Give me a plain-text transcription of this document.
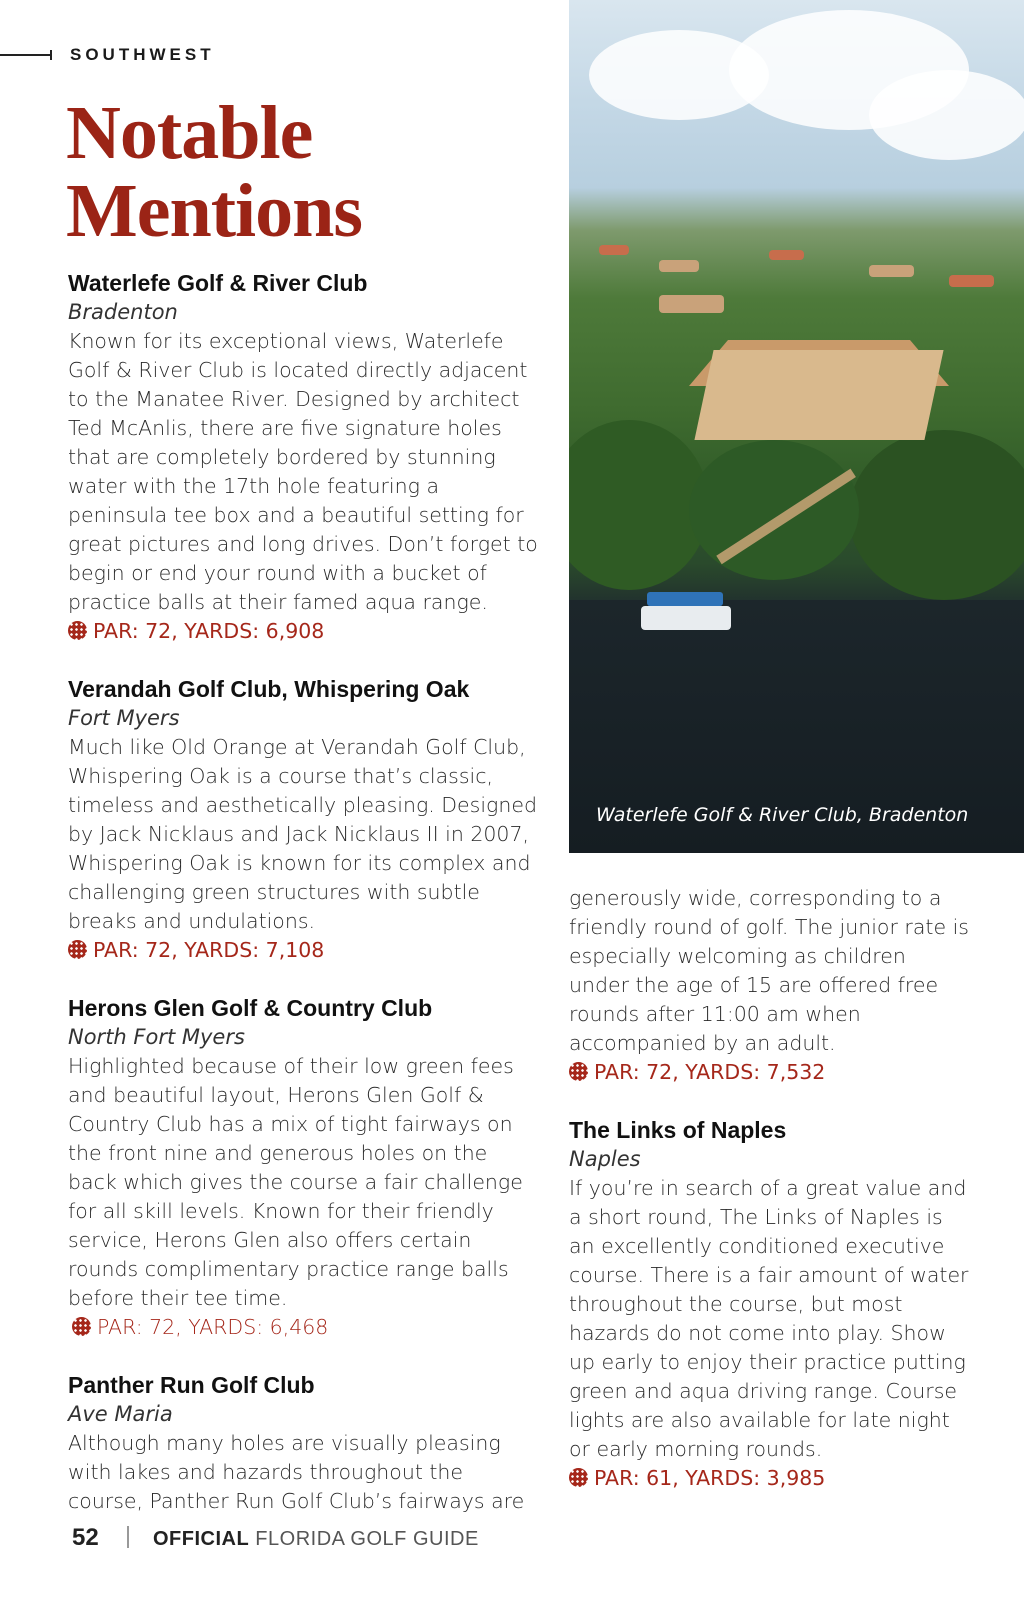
SOUTHWEST
Notable
Mentions
Waterlefe Golf & River Club
Bradenton

Known for its exceptional views, Waterlefe Golf & River Club is located directly adjacent to the Manatee River. Designed by architect Ted McAnlis, there are five signature holes that are completely bordered by stunning water with the 17th hole featuring a peninsula tee box and a beautiful setting for great pictures and long drives. Don’t forget to begin or end your round with a bucket of practice balls at their famed aqua range.

PAR: 72, YARDS: 6,908
Verandah Golf Club, Whispering Oak
Fort Myers

Much like Old Orange at Verandah Golf Club, Whispering Oak is a course that’s classic, timeless and aesthetically pleasing. Designed by Jack Nicklaus and Jack Nicklaus II in 2007, Whispering Oak is known for its complex and challenging green structures with subtle breaks and undulations.

PAR: 72, YARDS: 7,108
Herons Glen Golf & Country Club
North Fort Myers

Highlighted because of their low green fees and beautiful layout, Herons Glen Golf & Country Club has a mix of tight fairways on the front nine and generous holes on the back which gives the course a fair challenge for all skill levels. Known for their friendly service, Herons Glen also offers certain rounds complimentary practice range balls before their tee time.PAR: 72, YARDS: 6,468

Panther Run Golf Club
Ave Maria

Although many holes are visually pleasing with lakes and hazards throughout the course, Panther Run Golf Club’s fairways are

Waterlefe Golf & River Club, Bradenton

generously wide, corresponding to a friendly round of golf. The junior rate is especially welcoming as children under the age of 15 are offered free rounds after 11:00 am when accompanied by an adult.

PAR: 72, YARDS: 7,532
The Links of Naples
Naples

If you’re in search of a great value and a short round, The Links of Naples is an excellently conditioned executive course. There is a fair amount of water throughout the course, but most hazards do not come into play. Show up early to enjoy their practice putting green and aqua driving range. Course lights are also available for late night or early morning rounds.

PAR: 61, YARDS: 3,985
52	OFFICIAL FLORIDA GOLF GUIDE
